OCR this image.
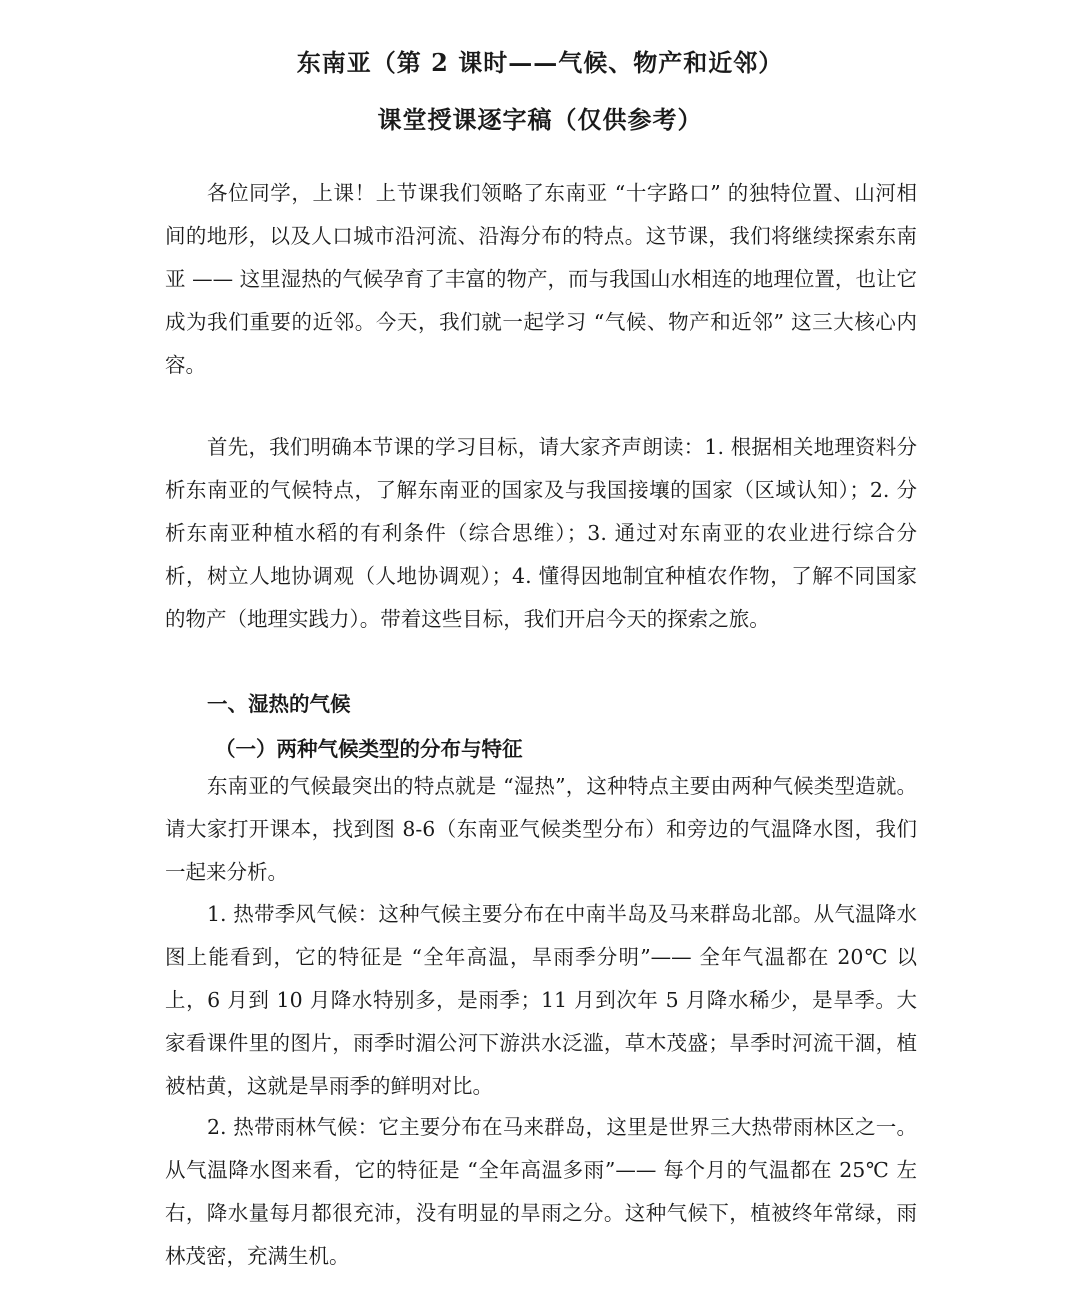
东南亚（第 2 课时——气候、物产和近邻）
课堂授课逐字稿（仅供参考）

各位同学，上课！上节课我们领略了东南亚 “十字路口” 的独特位置、山河相间的地形，以及人口城市沿河流、沿海分布的特点。这节课，我们将继续探索东南亚 —— 这里湿热的气候孕育了丰富的物产，而与我国山水相连的地理位置，也让它成为我们重要的近邻。今天，我们就一起学习 “气候、物产和近邻” 这三大核心内容。

首先，我们明确本节课的学习目标，请大家齐声朗读：1. 根据相关地理资料分析东南亚的气候特点，了解东南亚的国家及与我国接壤的国家（区域认知）；2. 分析东南亚种植水稻的有利条件（综合思维）；3. 通过对东南亚的农业进行综合分析，树立人地协调观（人地协调观）；4. 懂得因地制宜种植农作物，了解不同国家的物产（地理实践力）。带着这些目标，我们开启今天的探索之旅。

一、湿热的气候
（一）两种气候类型的分布与特征

东南亚的气候最突出的特点就是 “湿热”，这种特点主要由两种气候类型造就。请大家打开课本，找到图 8-6（东南亚气候类型分布）和旁边的气温降水图，我们一起来分析。

1. 热带季风气候：这种气候主要分布在中南半岛及马来群岛北部。从气温降水图上能看到，它的特征是 “全年高温，旱雨季分明”—— 全年气温都在 20℃ 以上，6 月到 10 月降水特别多，是雨季；11 月到次年 5 月降水稀少，是旱季。大家看课件里的图片，雨季时湄公河下游洪水泛滥，草木茂盛；旱季时河流干涸，植被枯黄，这就是旱雨季的鲜明对比。

2. 热带雨林气候：它主要分布在马来群岛，这里是世界三大热带雨林区之一。从气温降水图来看，它的特征是 “全年高温多雨”—— 每个月的气温都在 25℃ 左右，降水量每月都很充沛，没有明显的旱雨之分。这种气候下，植被终年常绿，雨林茂密，充满生机。
